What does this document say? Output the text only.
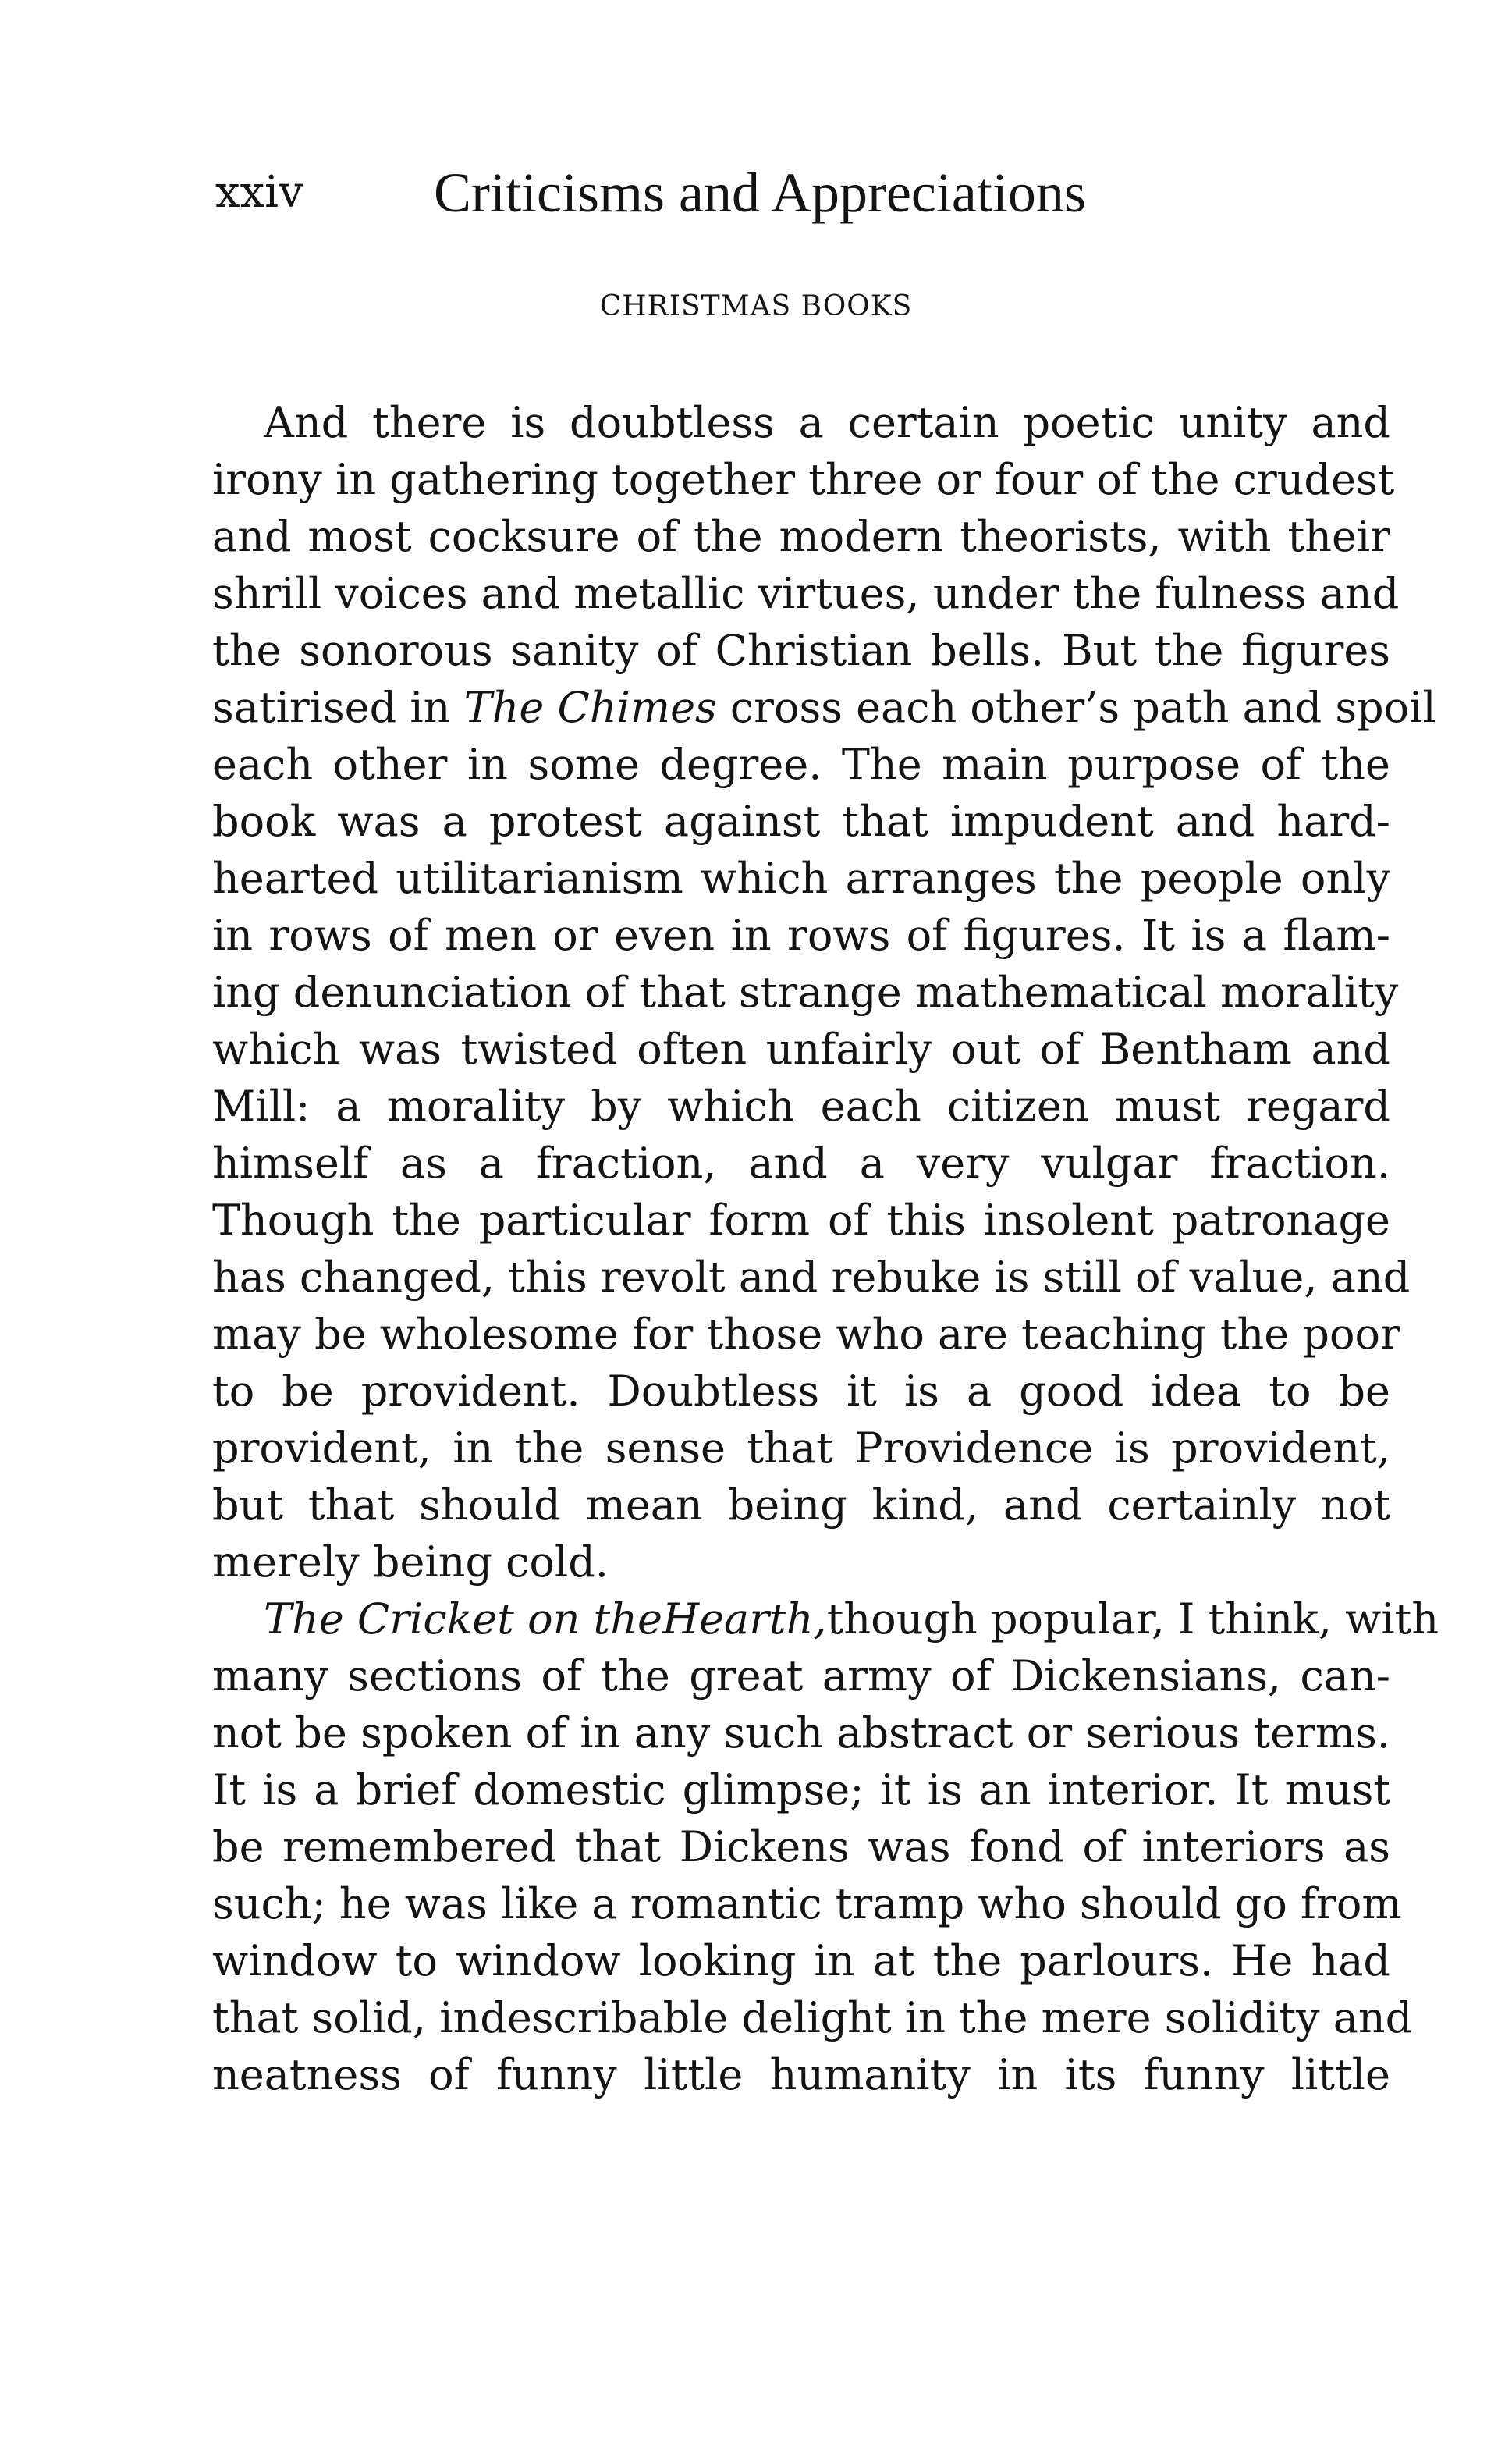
xxiv Criticisms and Appreciations
CHRISTMAS BOOKS
And there is doubtless a certain poetic unity and
irony in gathering together three or four of the crudest
and most cocksure of the modern theorists, with their
shrill voices and metallic virtues, under the fulness and
the sonorous sanity of Christian bells. But the figures
satirised in The Chimes cross each other’s path and spoil
each other in some degree. The main purpose of the
book was a protest against that impudent and hard-
hearted utilitarianism which arranges the people only
in rows of men or even in rows of figures. It is a flam-
ing denunciation of that strange mathematical morality
which was twisted often unfairly out of Bentham and
Mill: a morality by which each citizen must regard
himself as a fraction, and a very vulgar fraction.
Though the particular form of this insolent patronage
has changed, this revolt and rebuke is still of value, and
may be wholesome for those who are teaching the poor
to be provident. Doubtless it is a good idea to be
provident, in the sense that Providence is provident,
but that should mean being kind, and certainly not
merely being cold.
The Cricket on theHearth,though popular, I think, with
many sections of the great army of Dickensians, can-
not be spoken of in any such abstract or serious terms.
It is a brief domestic glimpse; it is an interior. It must
be remembered that Dickens was fond of interiors as
such; he was like a romantic tramp who should go from
window to window looking in at the parlours. He had
that solid, indescribable delight in the mere solidity and
neatness of funny little humanity in its funny little
